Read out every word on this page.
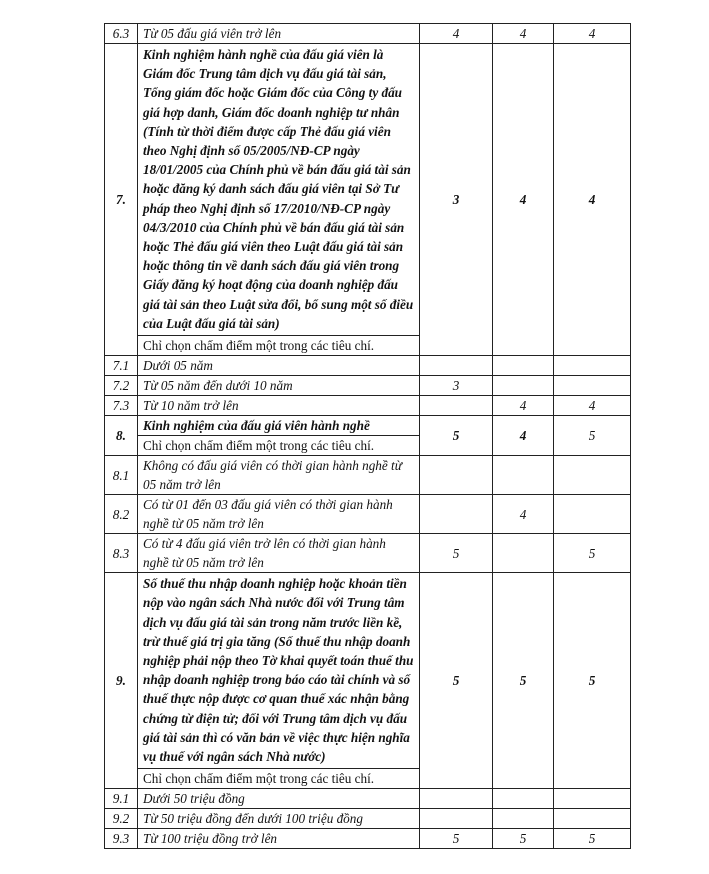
6.3	Từ 05 đấu giá viên trở lên	4	4	4
7.	Kinh nghiệm hành nghề của đấu giá viên là Giám đốc Trung tâm dịch vụ đấu giá tài sản, Tổng giám đốc hoặc Giám đốc của Công ty đấu giá hợp danh, Giám đốc doanh nghiệp tư nhân (Tính từ thời điểm được cấp Thẻ đấu giá viên theo Nghị định số 05/2005/NĐ-CP ngày 18/01/2005 của Chính phủ về bán đấu giá tài sản hoặc đăng ký danh sách đấu giá viên tại Sở Tư pháp theo Nghị định số 17/2010/NĐ-CP ngày 04/3/2010 của Chính phủ về bán đấu giá tài sản hoặc Thẻ đấu giá viên theo Luật đấu giá tài sản hoặc thông tin về danh sách đấu giá viên trong Giấy đăng ký hoạt động của doanh nghiệp đấu giá tài sản theo Luật sửa đổi, bổ sung một số điều của Luật đấu giá tài sản)	3	4	4
	Chỉ chọn chấm điểm một trong các tiêu chí.			
7.1	Dưới 05 năm			
7.2	Từ 05 năm đến dưới 10 năm	3		
7.3	Từ 10 năm trở lên		4	4
8.	Kinh nghiệm của đấu giá viên hành nghề	5	4	5
	Chỉ chọn chấm điểm một trong các tiêu chí.			
8.1	Không có đấu giá viên có thời gian hành nghề từ 05 năm trở lên			
8.2	Có từ 01 đến 03 đấu giá viên có thời gian hành nghề từ 05 năm trở lên		4	
8.3	Có từ 4 đấu giá viên trở lên có thời gian hành nghề từ 05 năm trở lên	5		5
9.	Số thuế thu nhập doanh nghiệp hoặc khoản tiền nộp vào ngân sách Nhà nước đối với Trung tâm dịch vụ đấu giá tài sản trong năm trước liền kề, trừ thuế giá trị gia tăng (Số thuế thu nhập doanh nghiệp phải nộp theo Tờ khai quyết toán thuế thu nhập doanh nghiệp trong báo cáo tài chính và số thuế thực nộp được cơ quan thuế xác nhận bằng chứng từ điện tử; đối với Trung tâm dịch vụ đấu giá tài sản thì có văn bản về việc thực hiện nghĩa vụ thuế với ngân sách Nhà nước)	5	5	5
	Chỉ chọn chấm điểm một trong các tiêu chí.			
9.1	Dưới 50 triệu đồng			
9.2	Từ 50 triệu đồng đến dưới 100 triệu đồng			
9.3	Từ 100 triệu đồng trở lên	5	5	5
